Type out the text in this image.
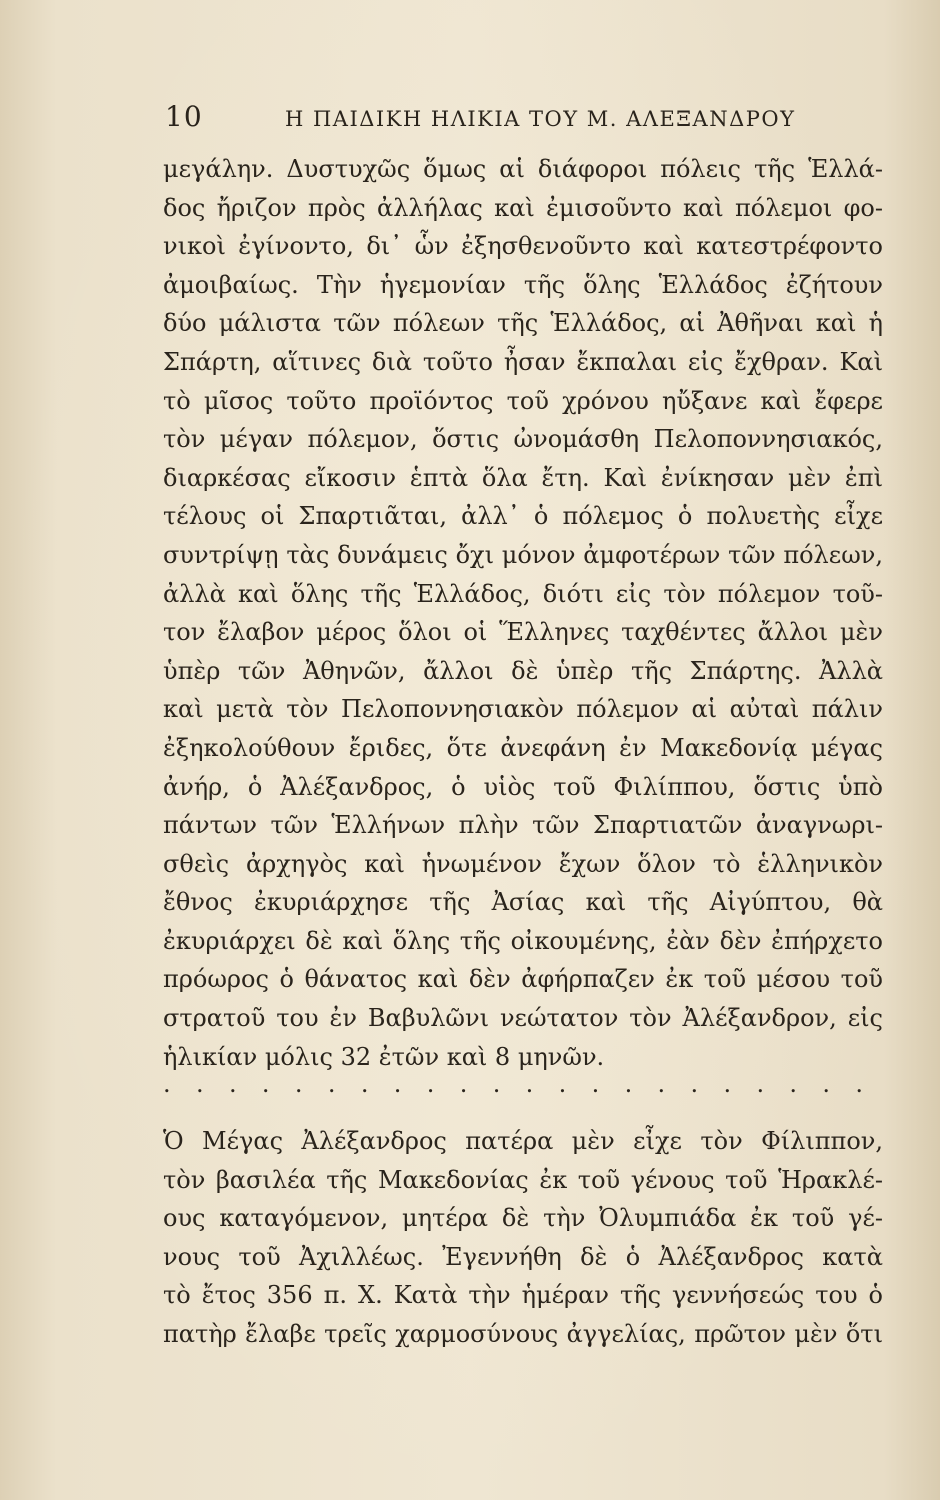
10	Η ΠΑΙΔΙΚΗ ΗΛΙΚΙΑ ΤΟΥ Μ. ΑΛΕΞΑΝΔΡΟΥ
μεγάλην. Δυστυχῶς ὅμως αἱ διάφοροι πόλεις τῆς Ἑλλά-
δος ἤριζον πρὸς ἀλλήλας καὶ ἐμισοῦντο καὶ πόλεμοι φο-
νικοὶ ἐγίνοντο, δι᾽ ὧν ἐξησθενοῦντο καὶ κατεστρέφοντο
ἀμοιβαίως. Τὴν ἡγεμονίαν τῆς ὅλης Ἑλλάδος ἐζήτουν
δύο μάλιστα τῶν πόλεων τῆς Ἑλλάδος, αἱ Ἀθῆναι καὶ ἡ
Σπάρτη, αἵτινες διὰ τοῦτο ἦσαν ἔκπαλαι εἰς ἔχθραν. Καὶ
τὸ μῖσος τοῦτο προϊόντος τοῦ χρόνου ηὔξανε καὶ ἔφερε
τὸν μέγαν πόλεμον, ὅστις ὠνομάσθη Πελοποννησιακός,
διαρκέσας εἴκοσιν ἑπτὰ ὅλα ἔτη. Καὶ ἐνίκησαν μὲν ἐπὶ
τέλους οἱ Σπαρτιᾶται, ἀλλ᾽ ὁ πόλεμος ὁ πολυετὴς εἶχε
συντρίψῃ τὰς δυνάμεις ὄχι μόνον ἀμφοτέρων τῶν πόλεων,
ἀλλὰ καὶ ὅλης τῆς Ἑλλάδος, διότι εἰς τὸν πόλεμον τοῦ-
τον ἔλαβον μέρος ὅλοι οἱ Ἕλληνες ταχθέντες ἄλλοι μὲν
ὑπὲρ τῶν Ἀθηνῶν, ἄλλοι δὲ ὑπὲρ τῆς Σπάρτης. Ἀλλὰ
καὶ μετὰ τὸν Πελοποννησιακὸν πόλεμον αἱ αὐταὶ πάλιν
ἐξηκολούθουν ἔριδες, ὅτε ἀνεφάνη ἐν Μακεδονίᾳ μέγας
ἀνήρ, ὁ Ἀλέξανδρος, ὁ υἱὸς τοῦ Φιλίππου, ὅστις ὑπὸ
πάντων τῶν Ἑλλήνων πλὴν τῶν Σπαρτιατῶν ἀναγνωρι-
σθεὶς ἀρχηγὸς καὶ ἡνωμένον ἔχων ὅλον τὸ ἑλληνικὸν
ἔθνος ἐκυριάρχησε τῆς Ἀσίας καὶ τῆς Αἰγύπτου, θὰ
ἐκυριάρχει δὲ καὶ ὅλης τῆς οἰκουμένης, ἐὰν δὲν ἐπήρχετο
πρόωρος ὁ θάνατος καὶ δὲν ἀφήρπαζεν ἐκ τοῦ μέσου τοῦ
στρατοῦ του ἐν Βαβυλῶνι νεώτατον τὸν Ἀλέξανδρον, εἰς
ἡλικίαν μόλις 32 ἐτῶν καὶ 8 μηνῶν.
. . . . . . . . . . . . . . . . . . . . . .
Ὁ Μέγας Ἀλέξανδρος πατέρα μὲν εἶχε τὸν Φίλιππον,
τὸν βασιλέα τῆς Μακεδονίας ἐκ τοῦ γένους τοῦ Ἡρακλέ-
ους καταγόμενον, μητέρα δὲ τὴν Ὀλυμπιάδα ἐκ τοῦ γέ-
νους τοῦ Ἀχιλλέως. Ἐγεννήθη δὲ ὁ Ἀλέξανδρος κατὰ
τὸ ἔτος 356 π. Χ. Κατὰ τὴν ἡμέραν τῆς γεννήσεώς του ὁ
πατὴρ ἔλαβε τρεῖς χαρμοσύνους ἀγγελίας, πρῶτον μὲν ὅτι
